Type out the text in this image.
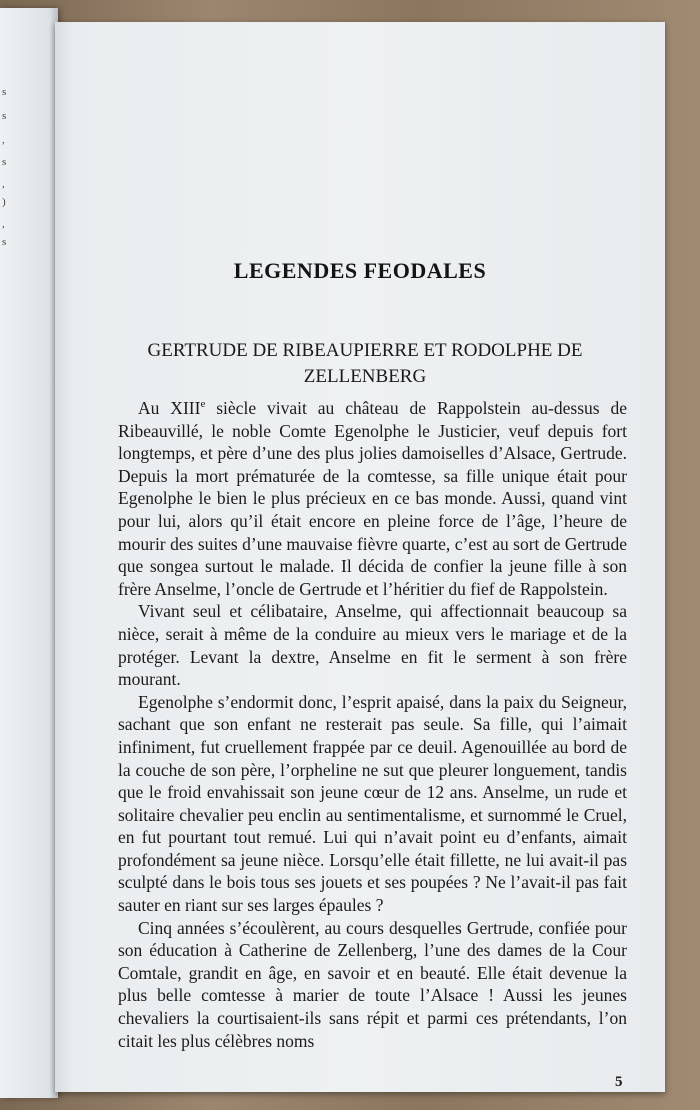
s
s
,
s
,
)
,
s
LEGENDES FEODALES
GERTRUDE DE RIBEAUPIERRE ET RODOLPHE DE ZELLENBERG

Au XIIIe siècle vivait au château de Rappolstein au-dessus de Ribeauvillé, le noble Comte Egenolphe le Justicier, veuf depuis fort longtemps, et père d’une des plus jolies damoiselles d’Alsace, Gertrude. Depuis la mort prématurée de la comtesse, sa fille unique était pour Egenolphe le bien le plus précieux en ce bas monde. Aussi, quand vint pour lui, alors qu’il était encore en pleine force de l’âge, l’heure de mourir des suites d’une mauvaise fièvre quarte, c’est au sort de Gertrude que songea surtout le malade. Il décida de confier la jeune fille à son frère Anselme, l’oncle de Gertrude et l’héritier du fief de Rappolstein.

Vivant seul et célibataire, Anselme, qui affectionnait beaucoup sa nièce, serait à même de la conduire au mieux vers le mariage et de la protéger. Levant la dextre, Anselme en fit le serment à son frère mourant.

Egenolphe s’endormit donc, l’esprit apaisé, dans la paix du Seigneur, sachant que son enfant ne resterait pas seule. Sa fille, qui l’aimait infiniment, fut cruellement frappée par ce deuil. Agenouillée au bord de la couche de son père, l’orpheline ne sut que pleurer longuement, tandis que le froid envahissait son jeune cœur de 12 ans. Anselme, un rude et solitaire chevalier peu enclin au sentimentalisme, et surnommé le Cruel, en fut pourtant tout remué. Lui qui n’avait point eu d’enfants, aimait profondément sa jeune nièce. Lorsqu’elle était fillette, ne lui avait-il pas sculpté dans le bois tous ses jouets et ses poupées ? Ne l’avait-il pas fait sauter en riant sur ses larges épaules ?

Cinq années s’écoulèrent, au cours desquelles Gertrude, confiée pour son éducation à Catherine de Zellenberg, l’une des dames de la Cour Comtale, grandit en âge, en savoir et en beauté. Elle était devenue la plus belle comtesse à marier de toute l’Alsace ! Aussi les jeunes chevaliers la courtisaient-ils sans répit et parmi ces prétendants, l’on citait les plus célèbres noms

5
